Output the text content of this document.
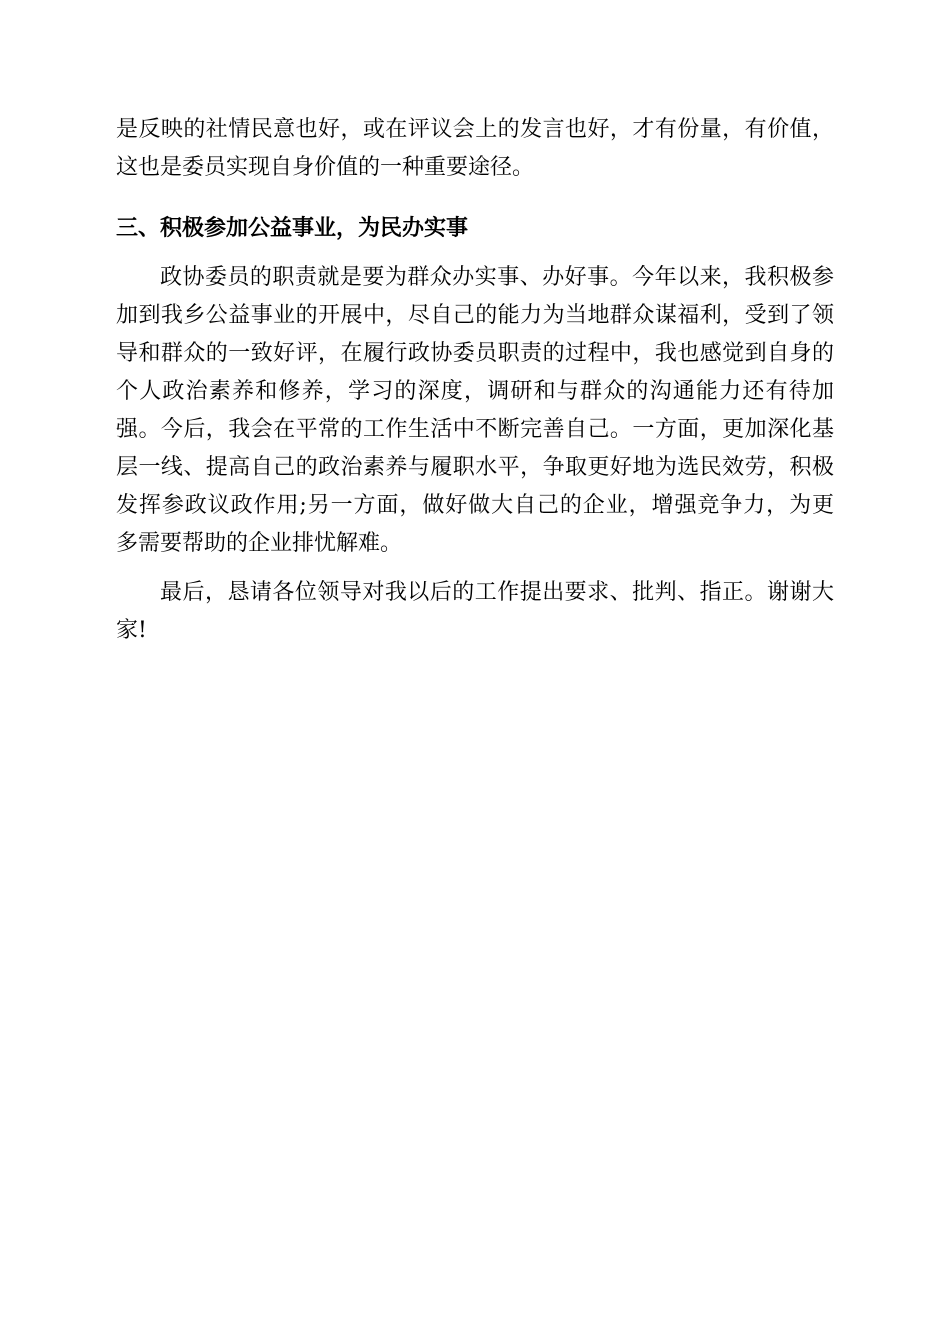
是反映的社情民意也好，或在评议会上的发言也好，才有份量，有价值，
这也是委员实现自身价值的一种重要途径。
三、积极参加公益事业，为民办实事
政协委员的职责就是要为群众办实事、办好事。今年以来，我积极参
加到我乡公益事业的开展中，尽自己的能力为当地群众谋福利，受到了领
导和群众的一致好评，在履行政协委员职责的过程中，我也感觉到自身的
个人政治素养和修养，学习的深度，调研和与群众的沟通能力还有待加
强。今后，我会在平常的工作生活中不断完善自己。一方面，更加深化基
层一线、提高自己的政治素养与履职水平，争取更好地为选民效劳，积极
发挥参政议政作用;另一方面，做好做大自己的企业，增强竞争力，为更
多需要帮助的企业排忧解难。
最后，恳请各位领导对我以后的工作提出要求、批判、指正。谢谢大
家!
